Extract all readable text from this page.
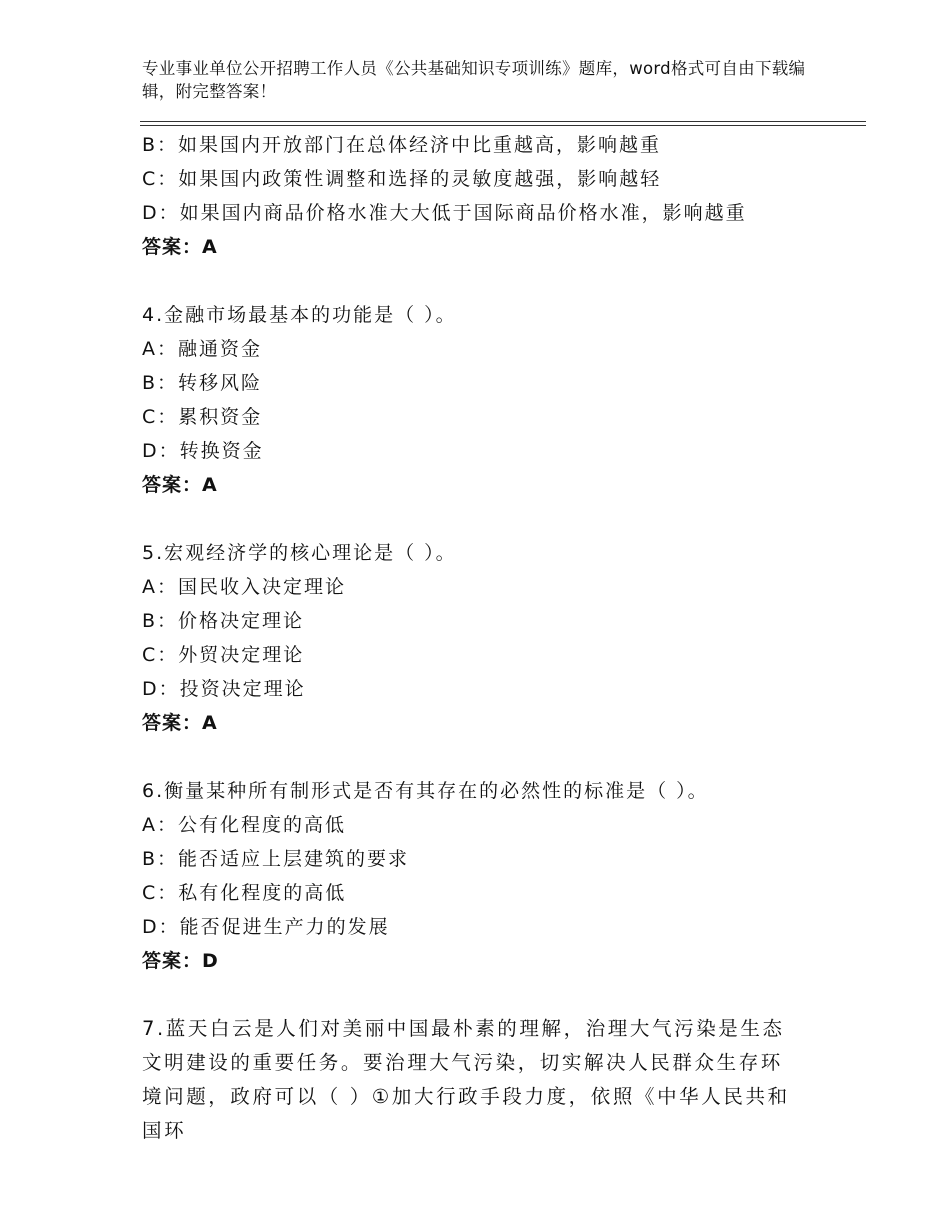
专业事业单位公开招聘工作人员《公共基础知识专项训练》题库，word格式可自由下载编辑，附完整答案！
B：如果国内开放部门在总体经济中比重越高，影响越重
C：如果国内政策性调整和选择的灵敏度越强，影响越轻
D：如果国内商品价格水准大大低于国际商品价格水准，影响越重
答案：A
4.金融市场最基本的功能是（ ）。
A：融通资金
B：转移风险
C：累积资金
D：转换资金
答案：A
5.宏观经济学的核心理论是（ ）。
A：国民收入决定理论
B：价格决定理论
C：外贸决定理论
D：投资决定理论
答案：A
6.衡量某种所有制形式是否有其存在的必然性的标准是（ ）。
A：公有化程度的高低
B：能否适应上层建筑的要求
C：私有化程度的高低
D：能否促进生产力的发展
答案：D
7.蓝天白云是人们对美丽中国最朴素的理解，治理大气污染是生态文明建设的重要任务。要治理大气污染，切实解决人民群众生存环境问题，政府可以（ ）①加大行政手段力度，依照《中华人民共和国环
